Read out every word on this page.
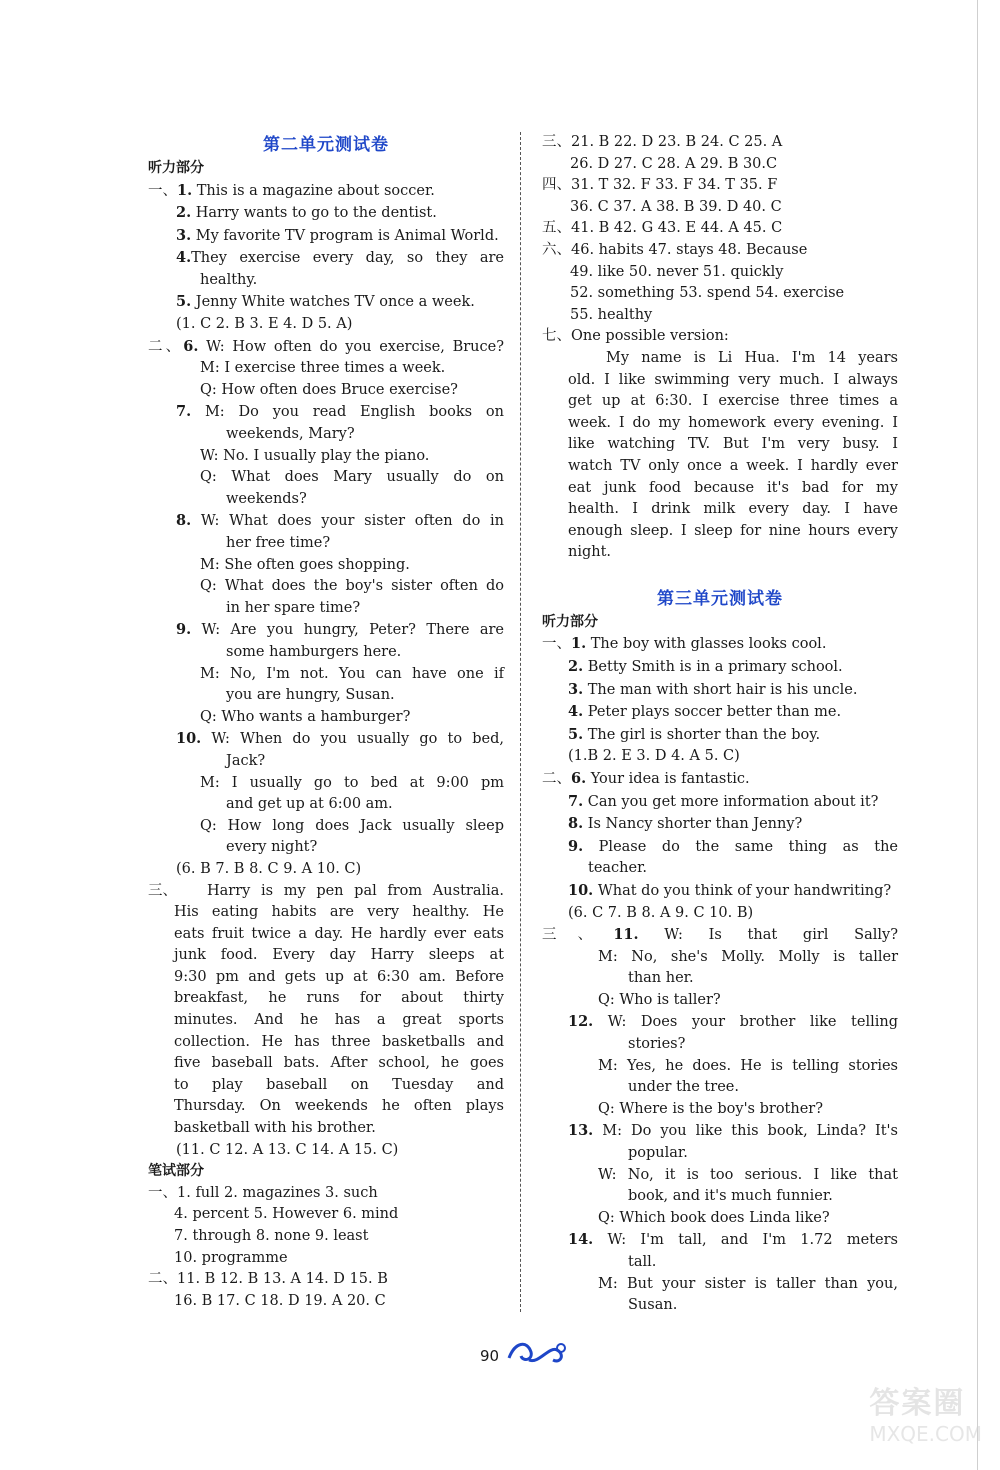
第二单元测试卷
听力部分
一、1. This is a magazine about soccer.
2. Harry wants to go to the dentist.
3. My favorite TV program is Animal World.
4.They exercise every day, so they are
healthy.
5. Jenny White watches TV once a week.
(1. C 2. B 3. E 4. D 5. A)
二、6. W: How often do you exercise, Bruce?
M: I exercise three times a week.
Q: How often does Bruce exercise?
7. M: Do you read English books on
weekends, Mary?
W: No. I usually play the piano.
Q: What does Mary usually do on
weekends?
8. W: What does your sister often do in
her free time?
M: She often goes shopping.
Q: What does the boy's sister often do
in her spare time?
9. W: Are you hungry, Peter? There are
some hamburgers here.
M: No, I'm not. You can have one if
you are hungry, Susan.
Q: Who wants a hamburger?
10. W: When do you usually go to bed,
Jack?
M: I usually go to bed at 9:00 pm
and get up at 6:00 am.
Q: How long does Jack usually sleep
every night?
(6. B 7. B 8. C 9. A 10. C)
三、 Harry is my pen pal from Australia.
His eating habits are very healthy. He
eats fruit twice a day. He hardly ever eats
junk food. Every day Harry sleeps at
9:30 pm and gets up at 6:30 am. Before
breakfast, he runs for about thirty
minutes. And he has a great sports
collection. He has three basketballs and
five baseball bats. After school, he goes
to play baseball on Tuesday and
Thursday. On weekends he often plays
basketball with his brother.
(11. C 12. A 13. C 14. A 15. C)
笔试部分
一、1. full 2. magazines 3. such
4. percent 5. However 6. mind
7. through 8. none 9. least
10. programme
二、11. B 12. B 13. A 14. D 15. B
16. B 17. C 18. D 19. A 20. C
三、21. B 22. D 23. B 24. C 25. A
26. D 27. C 28. A 29. B 30.C
四、31. T 32. F 33. F 34. T 35. F
36. C 37. A 38. B 39. D 40. C
五、41. B 42. G 43. E 44. A 45. C
六、46. habits 47. stays 48. Because
49. like 50. never 51. quickly
52. something 53. spend 54. exercise
55. healthy
七、One possible version:
My name is Li Hua. I'm 14 years
old. I like swimming very much. I always
get up at 6:30. I exercise three times a
week. I do my homework every evening. I
like watching TV. But I'm very busy. I
watch TV only once a week. I hardly ever
eat junk food because it's bad for my
health. I drink milk every day. I have
enough sleep. I sleep for nine hours every
night.
第三单元测试卷
听力部分
一、1. The boy with glasses looks cool.
2. Betty Smith is in a primary school.
3. The man with short hair is his uncle.
4. Peter plays soccer better than me.
5. The girl is shorter than the boy.
(1.B 2. E 3. D 4. A 5. C)
二、6. Your idea is fantastic.
7. Can you get more information about it?
8. Is Nancy shorter than Jenny?
9. Please do the same thing as the
teacher.
10. What do you think of your handwriting?
(6. C 7. B 8. A 9. C 10. B)
三、11. W: Is that girl Sally?
M: No, she's Molly. Molly is taller
than her.
Q: Who is taller?
12. W: Does your brother like telling
stories?
M: Yes, he does. He is telling stories
under the tree.
Q: Where is the boy's brother?
13. M: Do you like this book, Linda? It's
popular.
W: No, it is too serious. I like that
book, and it's much funnier.
Q: Which book does Linda like?
14. W: I'm tall, and I'm 1.72 meters
tall.
M: But your sister is taller than you,
Susan.
90
答案圈
MXQE.COM
